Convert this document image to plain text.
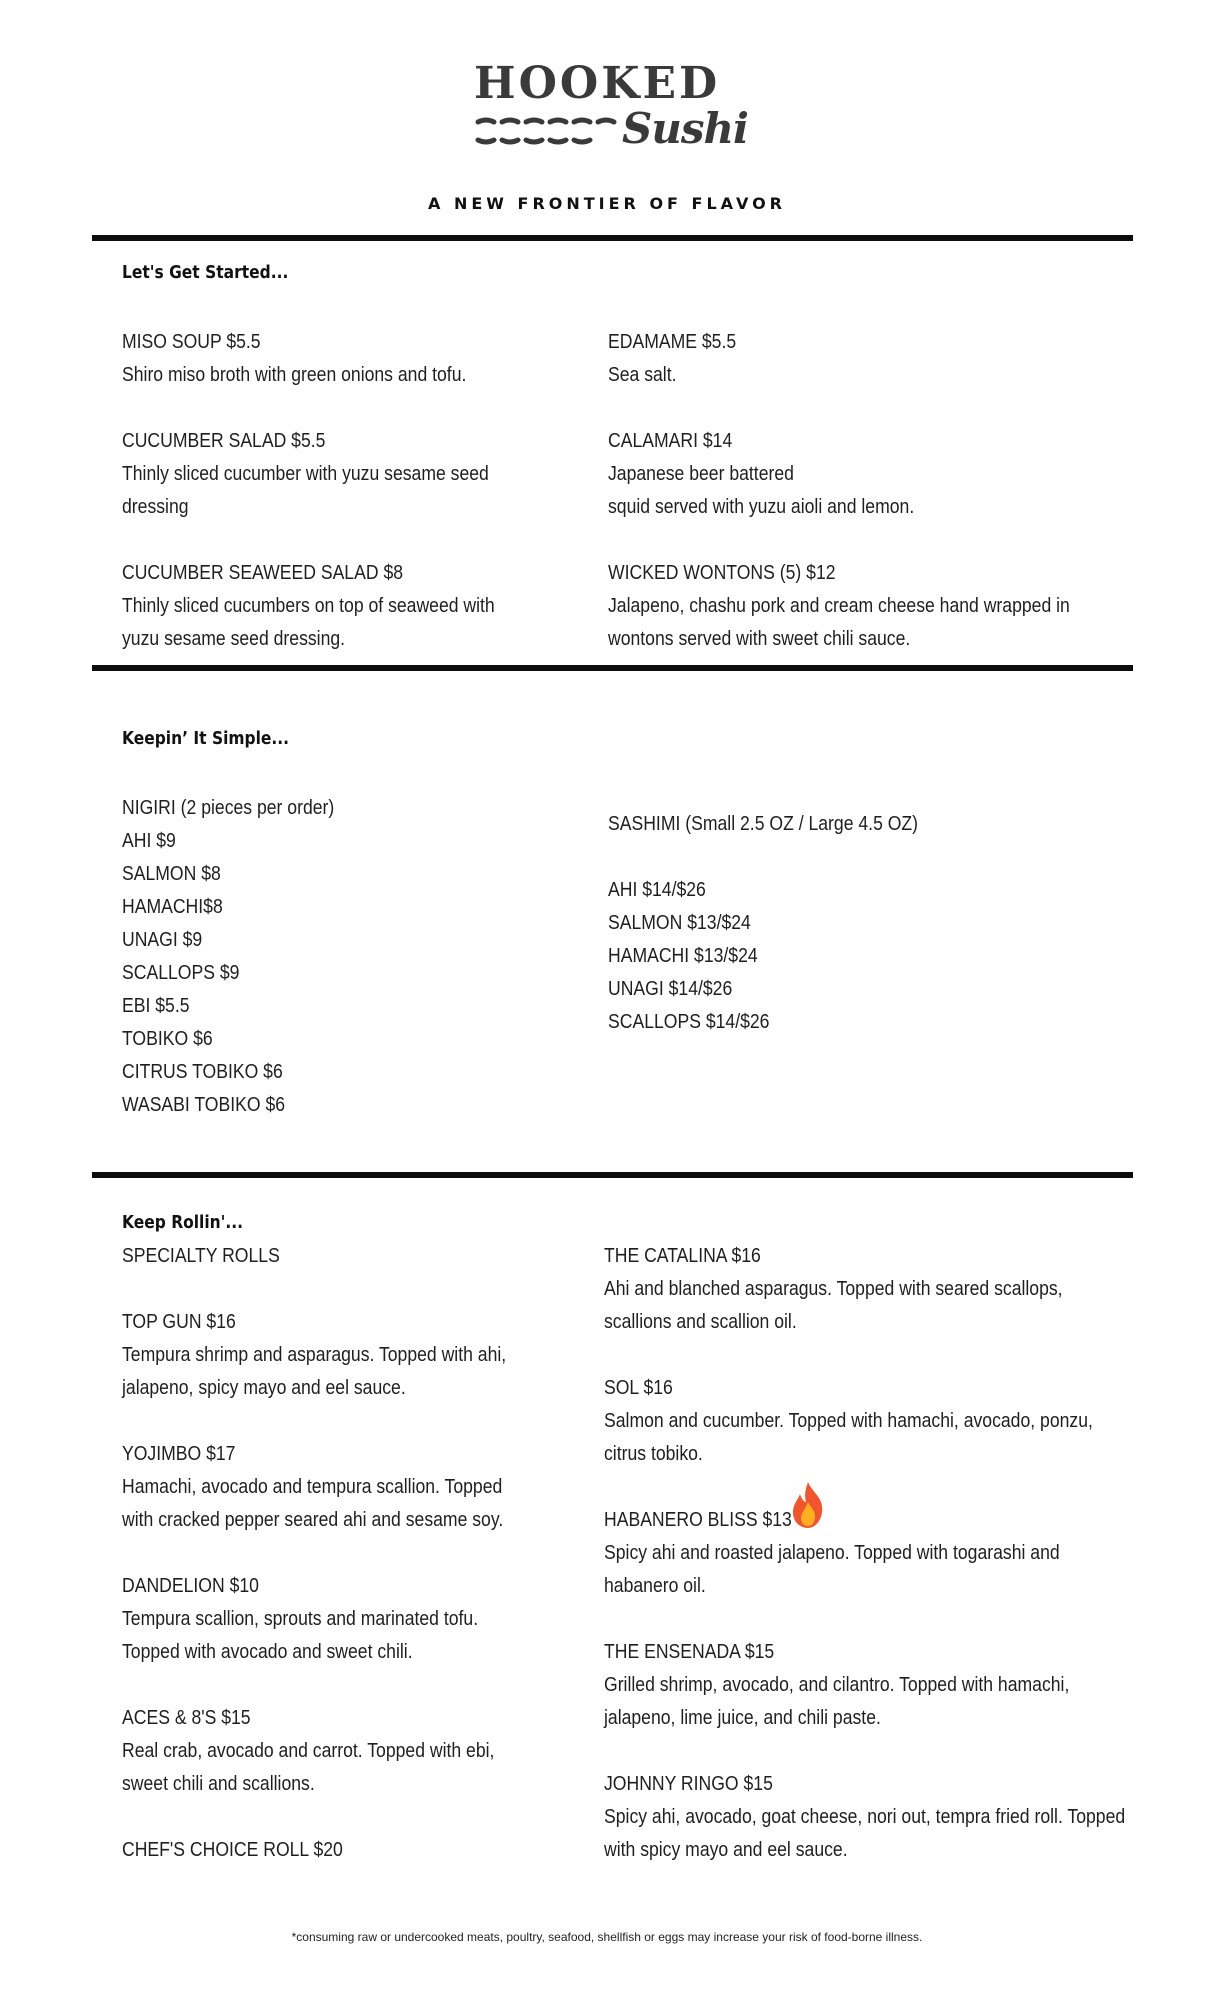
HOOKED
Sushi
A NEW FRONTIER OF FLAVOR
Let's Get Started...
MISO SOUP $5.5
Shiro miso broth with green onions and tofu.
CUCUMBER SALAD $5.5
Thinly sliced cucumber with yuzu sesame seed
dressing
CUCUMBER SEAWEED SALAD $8
Thinly sliced cucumbers on top of seaweed with
yuzu sesame seed dressing.
EDAMAME $5.5
Sea salt.
CALAMARI $14
Japanese beer battered
squid served with yuzu aioli and lemon.
WICKED WONTONS (5) $12
Jalapeno, chashu pork and cream cheese hand wrapped in
wontons served with sweet chili sauce.
Keepin’ It Simple...
NIGIRI (2 pieces per order)
AHI $9
SALMON $8
HAMACHI$8
UNAGI $9
SCALLOPS $9
EBI $5.5
TOBIKO $6
CITRUS TOBIKO $6
WASABI TOBIKO $6
SASHIMI (Small 2.5 OZ / Large 4.5 OZ)
AHI $14/$26
SALMON $13/$24
HAMACHI $13/$24
UNAGI $14/$26
SCALLOPS $14/$26
Keep Rollin'...
SPECIALTY ROLLS
TOP GUN $16
Tempura shrimp and asparagus. Topped with ahi,
jalapeno, spicy mayo and eel sauce.
YOJIMBO $17
Hamachi, avocado and tempura scallion. Topped
with cracked pepper seared ahi and sesame soy.
DANDELION $10
Tempura scallion, sprouts and marinated tofu.
Topped with avocado and sweet chili.
ACES & 8'S $15
Real crab, avocado and carrot. Topped with ebi,
sweet chili and scallions.
CHEF'S CHOICE ROLL $20
THE CATALINA $16
Ahi and blanched asparagus. Topped with seared scallops,
scallions and scallion oil.
SOL $16
Salmon and cucumber. Topped with hamachi, avocado, ponzu,
citrus tobiko.
HABANERO BLISS $13
Spicy ahi and roasted jalapeno. Topped with togarashi and
habanero oil.
THE ENSENADA $15
Grilled shrimp, avocado, and cilantro. Topped with hamachi,
jalapeno, lime juice, and chili paste.
JOHNNY RINGO $15
Spicy ahi, avocado, goat cheese, nori out, tempra fried roll. Topped
with spicy mayo and eel sauce.
*consuming raw or undercooked meats, poultry, seafood, shellfish or eggs may increase your risk of food-borne illness.
